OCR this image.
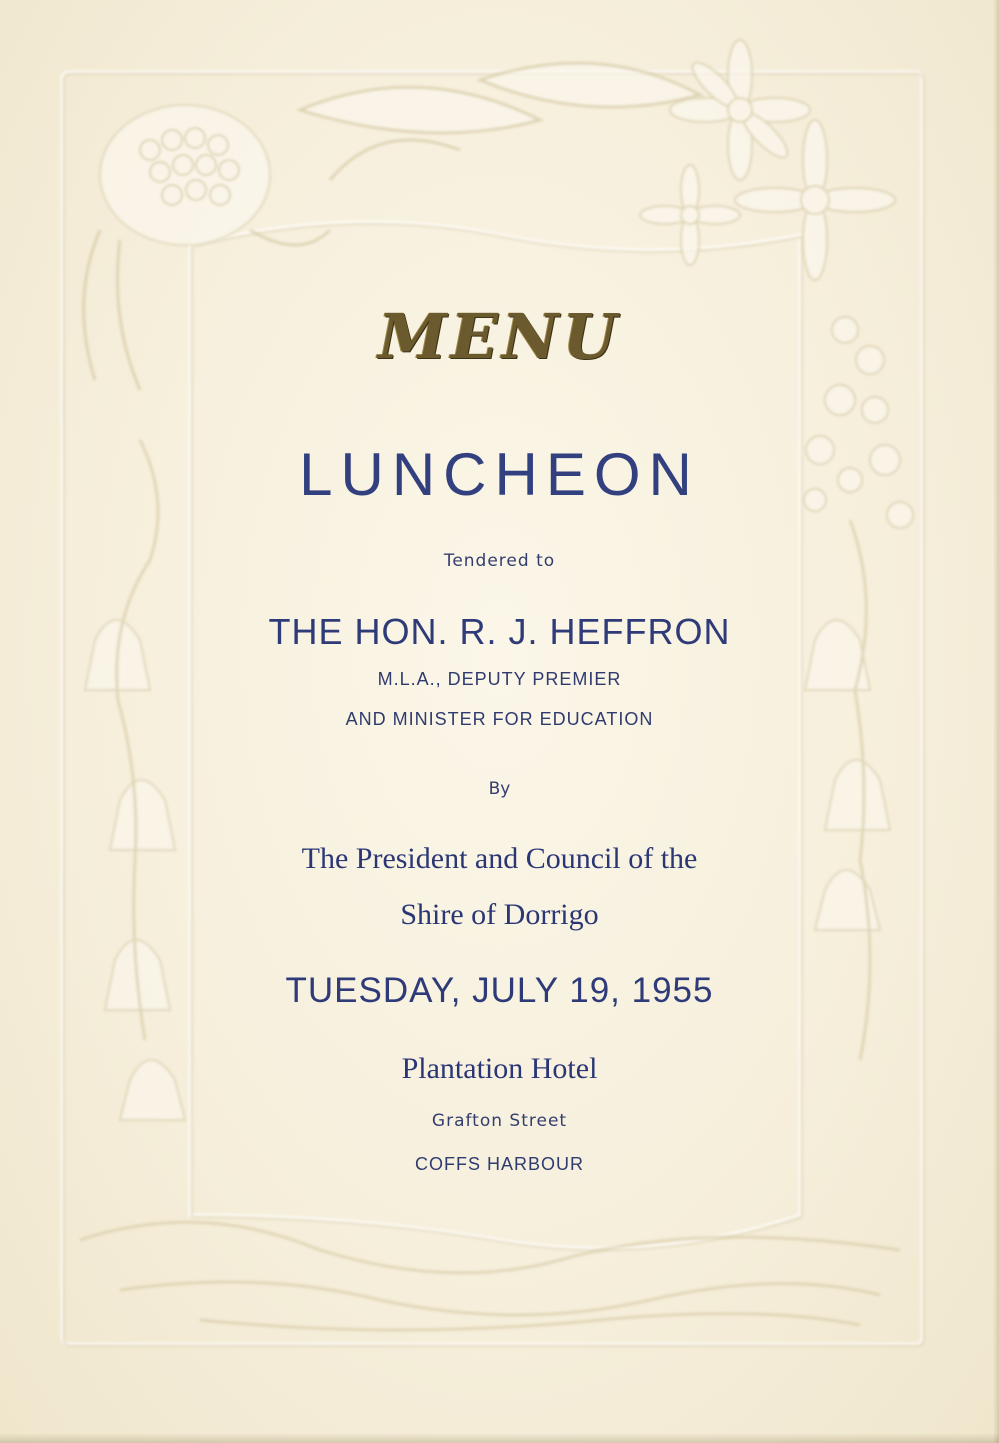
MENU
LUNCHEON
Tendered to
THE HON. R. J. HEFFRON
M.L.A., DEPUTY PREMIER
AND MINISTER FOR EDUCATION
By
The President and Council of the
Shire of Dorrigo
TUESDAY, JULY 19, 1955
Plantation Hotel
Grafton Street
COFFS HARBOUR
